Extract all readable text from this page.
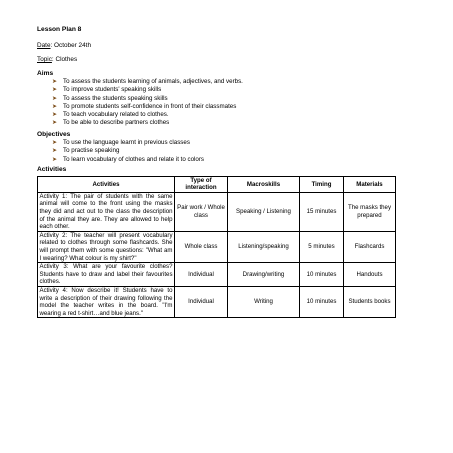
Lesson Plan 8
Date: October 24th
Topic: Clothes
Aims
➤ To assess the students learning of animals, adjectives, and verbs.
➤ To improve students' speaking skills
➤ To assess the students speaking skills
➤ To promote students self-confidence in front of their classmates
➤ To teach vocabulary related to clothes.
➤ To be able to describe partners clothes
Objectives
➤ To use the language learnt in previous classes
➤ To practise speaking
➤ To learn vocabulary of clothes and relate it to colors
Activities
Activities	Type of interaction	Macroskills	Timing	Materials
Activity 1: The pair of students with the same animal will come to the front using the masks they did and act out to the class the description of the animal they are. They are allowed to help each other.	Pair work / Whole class	Speaking / Listening	15 minutes	The masks they prepared
Activity 2: The teacher will present vocabulary related to clothes through some flashcards. She will prompt them with some questions: "What am I wearing? What colour is my shirt?"	Whole class	Listening/speaking	5 minutes	Flashcards
Activity 3: What are your favourite clothes? Students have to draw and label their favourites clothes.	Individual	Drawing/writing	10 minutes	Handouts
Activity 4: Now describe it! Students have to write a description of their drawing following the model the teacher writes in the board. "I'm wearing a red t-shirt…and blue jeans."	Individual	Writing	10 minutes	Students books
